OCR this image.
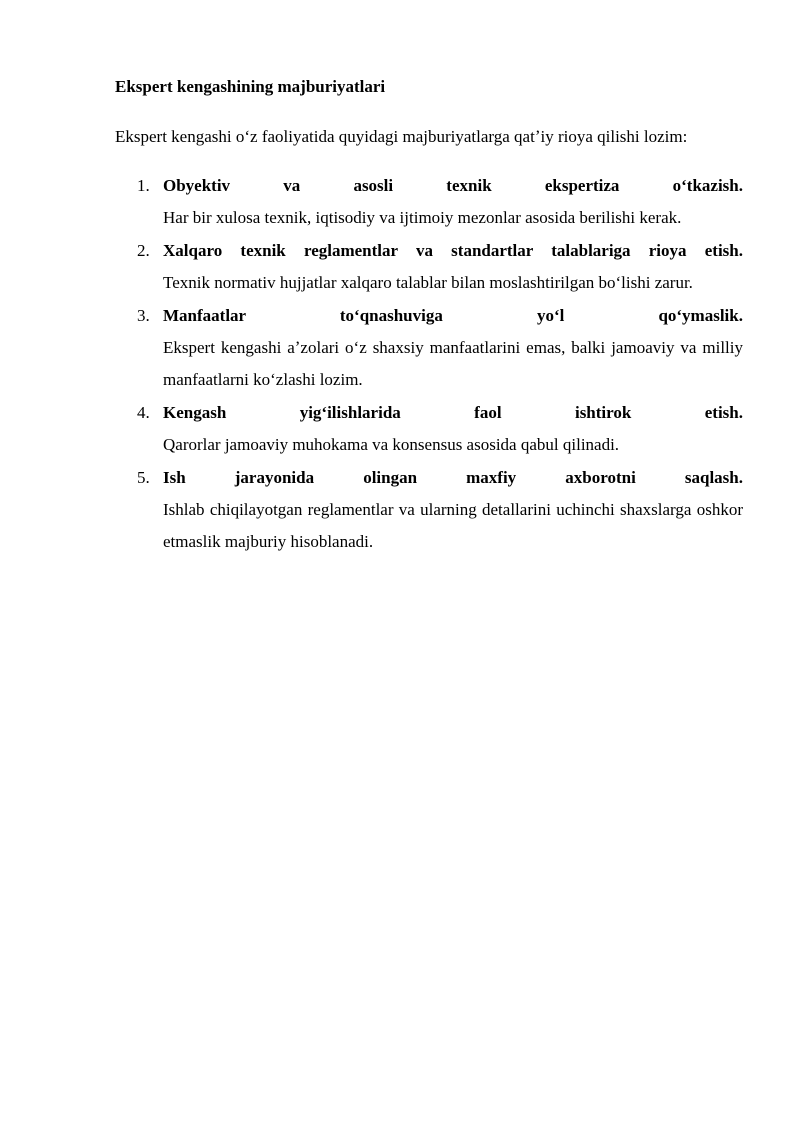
Ekspert kengashining majburiyatlari

Ekspert kengashi oʻz faoliyatida quyidagi majburiyatlarga qatʼiy rioya qilishi lozim:

1. Obyektiv va asosli texnik ekspertiza oʻtkazish.
Har bir xulosa texnik, iqtisodiy va ijtimoiy mezonlar asosida berilishi kerak.
2. Xalqaro texnik reglamentlar va standartlar talablariga rioya etish.
Texnik normativ hujjatlar xalqaro talablar bilan moslashtirilgan boʻlishi zarur.
3. Manfaatlar toʻqnashuviga yoʻl qoʻymaslik.
Ekspert kengashi aʼzolari oʻz shaxsiy manfaatlarini emas, balki jamoaviy va milliy manfaatlarni koʻzlashi lozim.
4. Kengash yigʻilishlarida faol ishtirok etish.
Qarorlar jamoaviy muhokama va konsensus asosida qabul qilinadi.
5. Ish jarayonida olingan maxfiy axborotni saqlash.
Ishlab chiqilayotgan reglamentlar va ularning detallarini uchinchi shaxslarga oshkor etmaslik majburiy hisoblanadi.
